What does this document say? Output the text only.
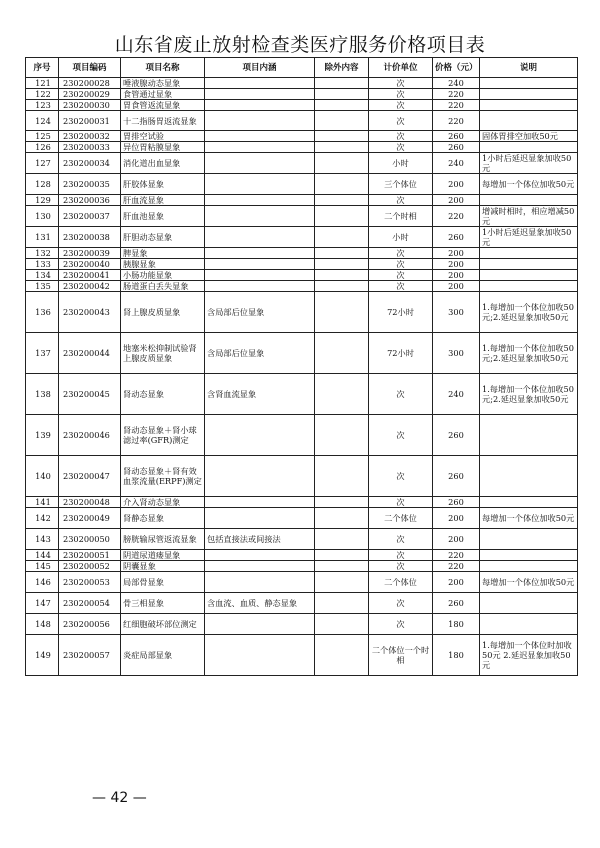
山东省废止放射检查类医疗服务价格项目表
序号	项目编码	项目名称	项目内涵	除外内容	计价单位	价格（元）	说明
121	230200028	唾液腺动态显象			次	240	
122	230200029	食管通过显象			次	220	
123	230200030	胃食管返流显象			次	220	
124	230200031	十二指肠胃返流显象			次	220	
125	230200032	胃排空试验			次	260	固体胃排空加收50元
126	230200033	异位胃粘膜显象			次	260	
127	230200034	消化道出血显象			小时	240	1小时后延迟显象加收50元
128	230200035	肝胶体显象			三个体位	200	每增加一个体位加收50元
129	230200036	肝血流显象			次	200	
130	230200037	肝血池显象			二个时相	220	增减时相时，相应增减50元
131	230200038	肝胆动态显象			小时	260	1小时后延迟显象加收50元
132	230200039	脾显象			次	200	
133	230200040	胰腺显象			次	200	
134	230200041	小肠功能显象			次	200	
135	230200042	肠道蛋白丢失显象			次	200	
136	230200043	肾上腺皮质显象	含局部后位显象		72小时	300	1.每增加一个体位加收50元;2.延迟显象加收50元
137	230200044	地塞米松抑制试验肾上腺皮质显象	含局部后位显象		72小时	300	1.每增加一个体位加收50元;2.延迟显象加收50元
138	230200045	肾动态显象	含肾血流显象		次	240	1.每增加一个体位加收50元;2.延迟显象加收50元
139	230200046	肾动态显象＋肾小球滤过率(GFR)测定			次	260	
140	230200047	肾动态显象＋肾有效血浆流量(ERPF)测定			次	260	
141	230200048	介入肾动态显象			次	260	
142	230200049	肾静态显象			二个体位	200	每增加一个体位加收50元
143	230200050	膀胱输尿管返流显象	包括直接法或间接法		次	200	
144	230200051	阴道尿道瘘显象			次	220	
145	230200052	阴囊显象			次	220	
146	230200053	局部骨显象			二个体位	200	每增加一个体位加收50元
147	230200054	骨三相显象	含血流、血质、静态显象		次	260	
148	230200056	红细胞破坏部位测定			次	180	
149	230200057	炎症局部显象			二个体位一个时相	180	1.每增加一个体位时加收50元 2.延迟显象加收50元
— 42 —
